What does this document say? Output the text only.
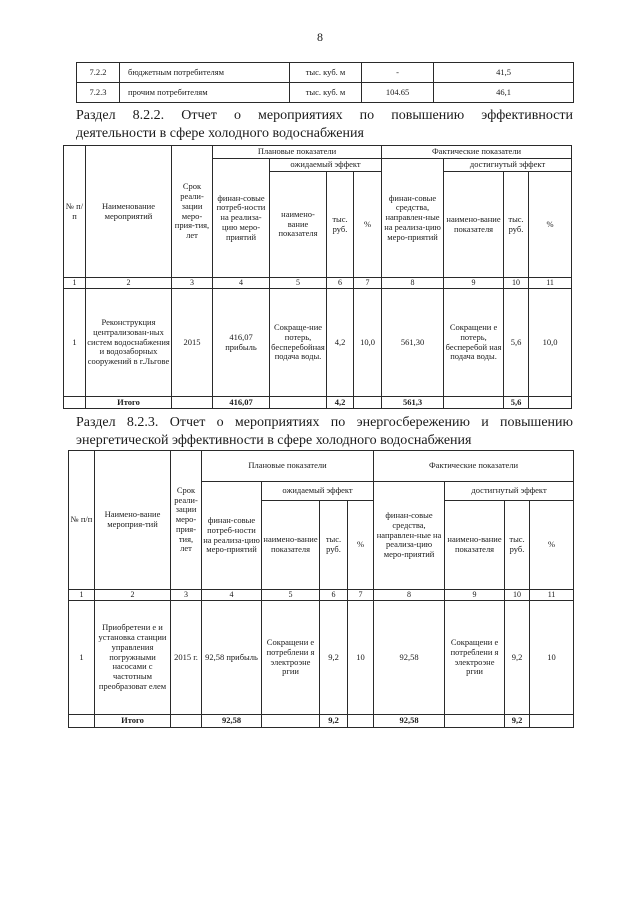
8
7.2.2	бюджетным потребителям	тыс. куб. м	-	41,5
7.2.3	прочим потребителям	тыс. куб. м	104.65	46,1
Раздел 8.2.2. Отчет о мероприятиях по повышению эффективности
деятельности в сфере холодного водоснабжения
№ п/ п	Наименование мероприятий	Срок реали-зации меро-прия-тия, лет	Плановые показатели				Фактические показатели			
			финан-совые потреб-ности на реализа-цию меро-приятий	ожидаемый эффект			финан-совые средства, направлен-ные на реализа-цию меро-приятий	достигнутый эффект		
				наимено-вание показателя	тыс. руб.	%		наимено-вание показателя	тыс. руб.	%
1	2	3	4	5	6	7	8	9	10	11
1	Реконструкция централизован-ных систем водоснабжения и водозаборных сооружений в г.Льгове	2015	416,07 прибыль	Сокраще-ние потерь, бесперебойная подача воды.	4,2	10,0	561,30	Сокращени е потерь, бесперебой ная подача воды.	5,6	10,0
	Итого		416,07		4,2		561,3		5,6	
Раздел 8.2.3. Отчет о мероприятиях по энергосбережению и повышению
энергетической эффективности в сфере холодного водоснабжения
№ п/п	Наимено-вание мероприя-тий	Срок реали-зации меро-прия-тия, лет	Плановые показатели				Фактические показатели			
			финан-совые потреб-ности на реализа-цию меро-приятий	ожидаемый эффект			финан-совые средства, направлен-ные на реализа-цию меро-приятий	достигнутый эффект		
				наимено-вание показателя	тыс. руб.	%		наимено-вание показателя	тыс. руб.	%
1	2	3	4	5	6	7	8	9	10	11
1	Приобретени е и установка станции управления погружными насосами с частотным преобразоват елем	2015 г.	92,58 прибыль	Сокращени е потреблени я электроэне ргии	9,2	10	92,58	Сокращени е потреблени я электроэне ргии	9,2	10
	Итого		92,58		9,2		92,58		9,2	
